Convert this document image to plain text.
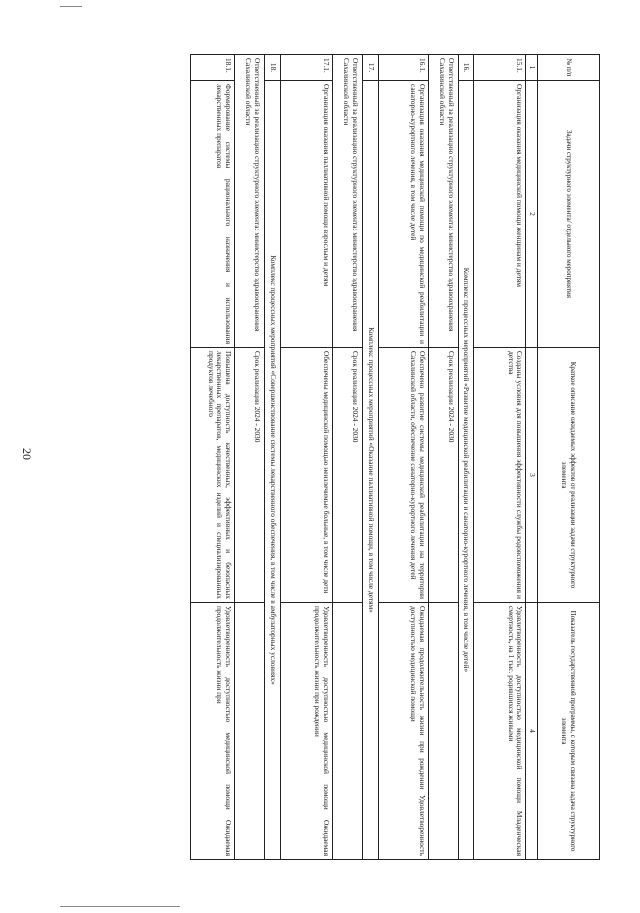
20
№ п/п	Задачи структурного элемента/ отдельного мероприятия	Краткое описание ожидаемых эффектов от реализации задачи структурного элемента	Показатель государственной программы, с которым связана задача структурного элемента
1	2	3	4
15.1.	Организация оказания медицинской помощи женщинам и детям	Созданы условия для повышения эффективности службы родовспоможения и детства	Удовлетворенность доступностью медицинской помощи Младенческая смертность, на 1 тыс. родившихся живыми
16.	Комплекс процессных мероприятий «Развитие медицинской реабилитации и санаторно-курортного лечения, в том числе детей»		
Ответственный за реализацию структурного элемента: министерство здравоохранения Сахалинской области		Срок реализации 2024 - 2030	
16.1.	Организация оказания медицинской помощи по медицинской реабилитации и санаторно-курортного лечения, в том числе детей	Обеспечено развитие системы медицинской реабилитации на территории Сахалинской области, обеспечение санаторно-курортного лечения детей	Ожидаемая продолжительность жизни при рождении Удовлетворенность доступностью медицинской помощи
17.	Комплекс процессных мероприятий «Оказание паллиативной помощи, в том числе детям»		
Ответственный за реализацию структурного элемента: министерство здравоохранения Сахалинской области		Срок реализации 2024 - 2030	
17.1.	Организация оказания паллиативной помощи взрослым и детям	Обеспечены медицинской помощью неизлечимые больные, в том числе дети	Удовлетворенность доступностью медицинской помощи Ожидаемая продолжительность жизни при рождении
18.	Комплекс процессных мероприятий «Совершенствование системы лекарственного обеспечения, в том числе в амбулаторных условиях»		
Ответственный за реализацию структурного элемента: министерство здравоохранения Сахалинской области		Срок реализации 2024 - 2030	
18.1.	Формирование системы рационального назначения и использования лекарственных препаратов	Повышена доступность качественных, эффективных и безопасных лекарственных препаратов, медицинских изделий и специализированных продуктов лечебного	Удовлетворенность доступностью медицинской помощи Ожидаемая продолжительность жизни при
